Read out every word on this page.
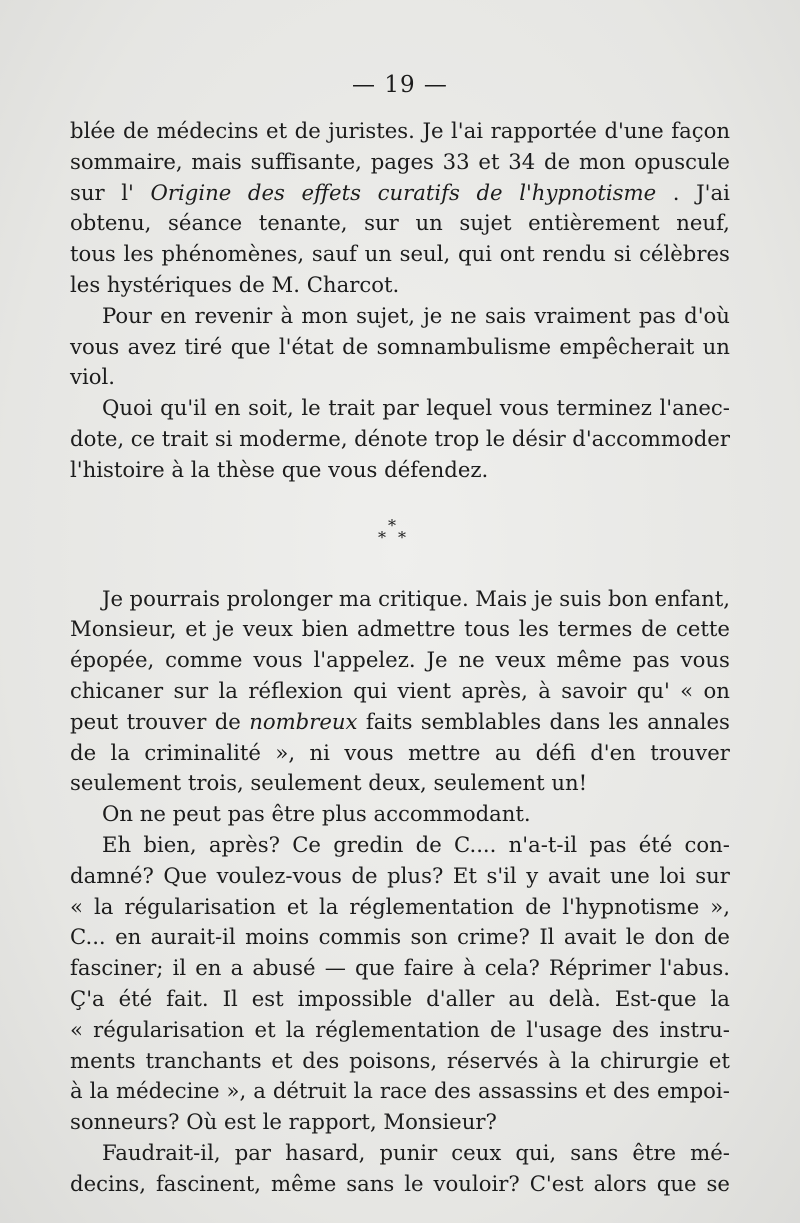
— 19 —
blée de médecins et de juristes. Je l'ai rapportée d'une façon
sommaire, mais suffisante, pages 33 et 34 de mon opuscule
sur l' Origine des effets curatifs de l'hypnotisme . J'ai
obtenu, séance tenante, sur un sujet entièrement neuf,
tous les phénomènes, sauf un seul, qui ont rendu si célèbres
les hystériques de M. Charcot.
Pour en revenir à mon sujet, je ne sais vraiment pas d'où
vous avez tiré que l'état de somnambulisme empêcherait un
viol.
Quoi qu'il en soit, le trait par lequel vous terminez l'anec-
dote, ce trait si moderme, dénote trop le désir d'accommoder
l'histoire à la thèse que vous défendez.
*
* *
Je pourrais prolonger ma critique. Mais je suis bon enfant,
Monsieur, et je veux bien admettre tous les termes de cette
épopée, comme vous l'appelez. Je ne veux même pas vous
chicaner sur la réflexion qui vient après, à savoir qu' « on
peut trouver de nombreux faits semblables dans les annales
de la criminalité », ni vous mettre au défi d'en trouver
seulement trois, seulement deux, seulement un!
On ne peut pas être plus accommodant.
Eh bien, après? Ce gredin de C.... n'a-t-il pas été con-
damné? Que voulez-vous de plus? Et s'il y avait une loi sur
« la régularisation et la réglementation de l'hypnotisme »,
C... en aurait-il moins commis son crime? Il avait le don de
fasciner; il en a abusé — que faire à cela? Réprimer l'abus.
Ç'a été fait. Il est impossible d'aller au delà. Est-que la
« régularisation et la réglementation de l'usage des instru-
ments tranchants et des poisons, réservés à la chirurgie et
à la médecine », a détruit la race des assassins et des empoi-
sonneurs? Où est le rapport, Monsieur?
Faudrait-il, par hasard, punir ceux qui, sans être mé-
decins, fascinent, même sans le vouloir? C'est alors que se
